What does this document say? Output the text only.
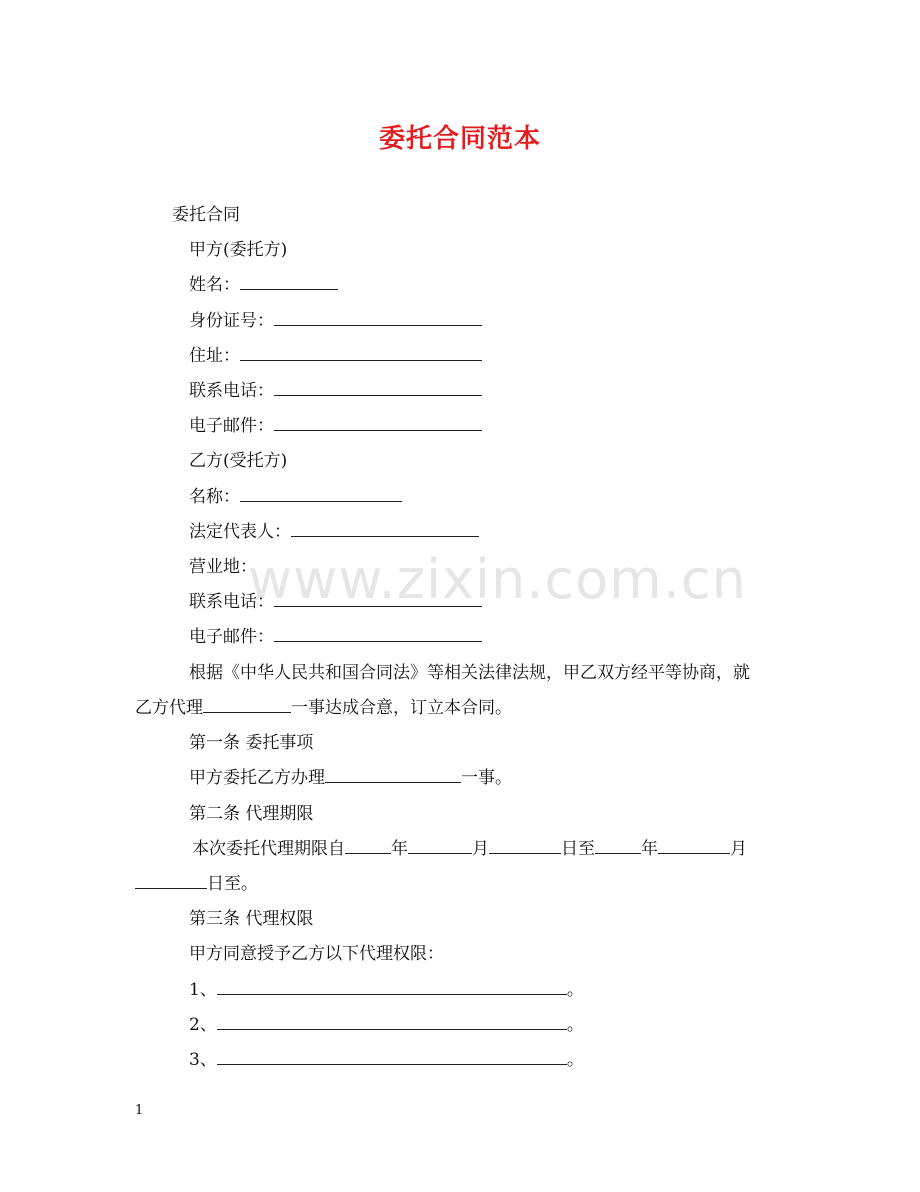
委托合同范本
www.zixin.com.cn
委托合同
甲方(委托方)
姓名：
身份证号：
住址：
联系电话：
电子邮件：
乙方(受托方)
名称：
法定代表人：
营业地：
联系电话：
电子邮件：
根据《中华人民共和国合同法》等相关法律法规，甲乙双方经平等协商，就
乙方代理	一事达成合意，订立本合同。
第一条 委托事项
甲方委托乙方办理	一事。
第二条 代理期限
本次委托代理期限自	年	月	日至	年	月
日至。
第三条 代理权限
甲方同意授予乙方以下代理权限：
1、	。
2、	。
3、	。
1
